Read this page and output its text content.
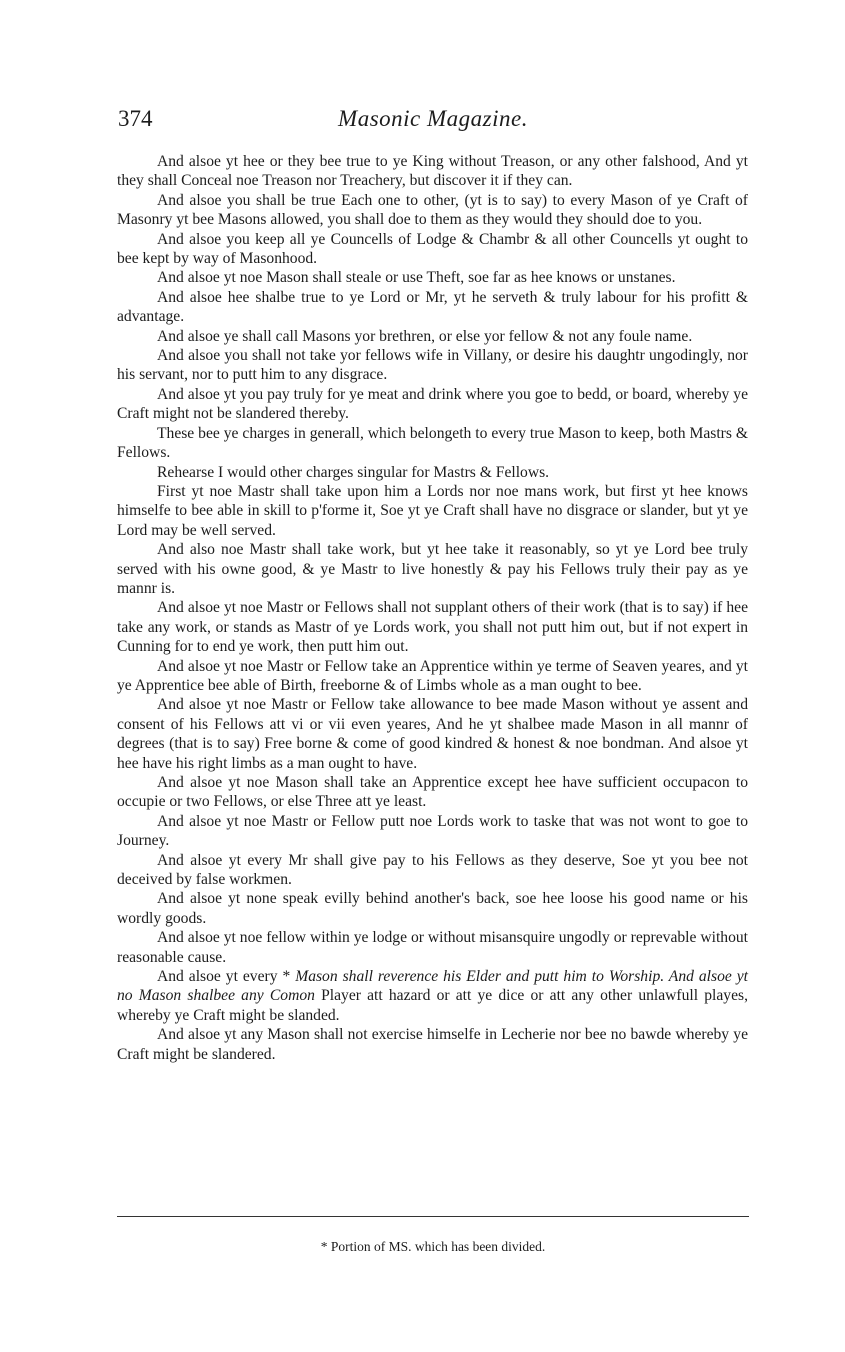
374	Masonic Magazine.

And alsoe yt hee or they bee true to ye King without Treason, or any other falshood, And yt they shall Conceal noe Treason nor Treachery, but discover it if they can.

And alsoe you shall be true Each one to other, (yt is to say) to every Mason of ye Craft of Masonry yt bee Masons allowed, you shall doe to them as they would they should doe to you.

And alsoe you keep all ye Councells of Lodge & Chambr & all other Councells yt ought to bee kept by way of Masonhood.

And alsoe yt noe Mason shall steale or use Theft, soe far as hee knows or unstanes.

And alsoe hee shalbe true to ye Lord or Mr, yt he serveth & truly labour for his profitt & advantage.

And alsoe ye shall call Masons yor brethren, or else yor fellow & not any foule name.

And alsoe you shall not take yor fellows wife in Villany, or desire his daughtr ungodingly, nor his servant, nor to putt him to any disgrace.

And alsoe yt you pay truly for ye meat and drink where you goe to bedd, or board, whereby ye Craft might not be slandered thereby.

These bee ye charges in generall, which belongeth to every true Mason to keep, both Mastrs & Fellows.

Rehearse I would other charges singular for Mastrs & Fellows.

First yt noe Mastr shall take upon him a Lords nor noe mans work, but first yt hee knows himselfe to bee able in skill to p'forme it, Soe yt ye Craft shall have no disgrace or slander, but yt ye Lord may be well served.

And also noe Mastr shall take work, but yt hee take it reasonably, so yt ye Lord bee truly served with his owne good, & ye Mastr to live honestly & pay his Fellows truly their pay as ye mannr is.

And alsoe yt noe Mastr or Fellows shall not supplant others of their work (that is to say) if hee take any work, or stands as Mastr of ye Lords work, you shall not putt him out, but if not expert in Cunning for to end ye work, then putt him out.

And alsoe yt noe Mastr or Fellow take an Apprentice within ye terme of Seaven yeares, and yt ye Apprentice bee able of Birth, freeborne & of Limbs whole as a man ought to bee.

And alsoe yt noe Mastr or Fellow take allowance to bee made Mason without ye assent and consent of his Fellows att vi or vii even yeares, And he yt shalbee made Mason in all mannr of degrees (that is to say) Free borne & come of good kindred & honest & noe bondman. And alsoe yt hee have his right limbs as a man ought to have.

And alsoe yt noe Mason shall take an Apprentice except hee have sufficient occupacon to occupie or two Fellows, or else Three att ye least.

And alsoe yt noe Mastr or Fellow putt noe Lords work to taske that was not wont to goe to Journey.

And alsoe yt every Mr shall give pay to his Fellows as they deserve, Soe yt you bee not deceived by false workmen.

And alsoe yt none speak evilly behind another's back, soe hee loose his good name or his wordly goods.

And alsoe yt noe fellow within ye lodge or without misansquire ungodly or reprevable without reasonable cause.

And alsoe yt every * Mason shall reverence his Elder and putt him to Worship. And alsoe yt no Mason shalbee any Comon Player att hazard or att ye dice or att any other unlawfull playes, whereby ye Craft might be slanded.

And alsoe yt any Mason shall not exercise himselfe in Lecherie nor bee no bawde whereby ye Craft might be slandered.

* Portion of MS. which has been divided.
